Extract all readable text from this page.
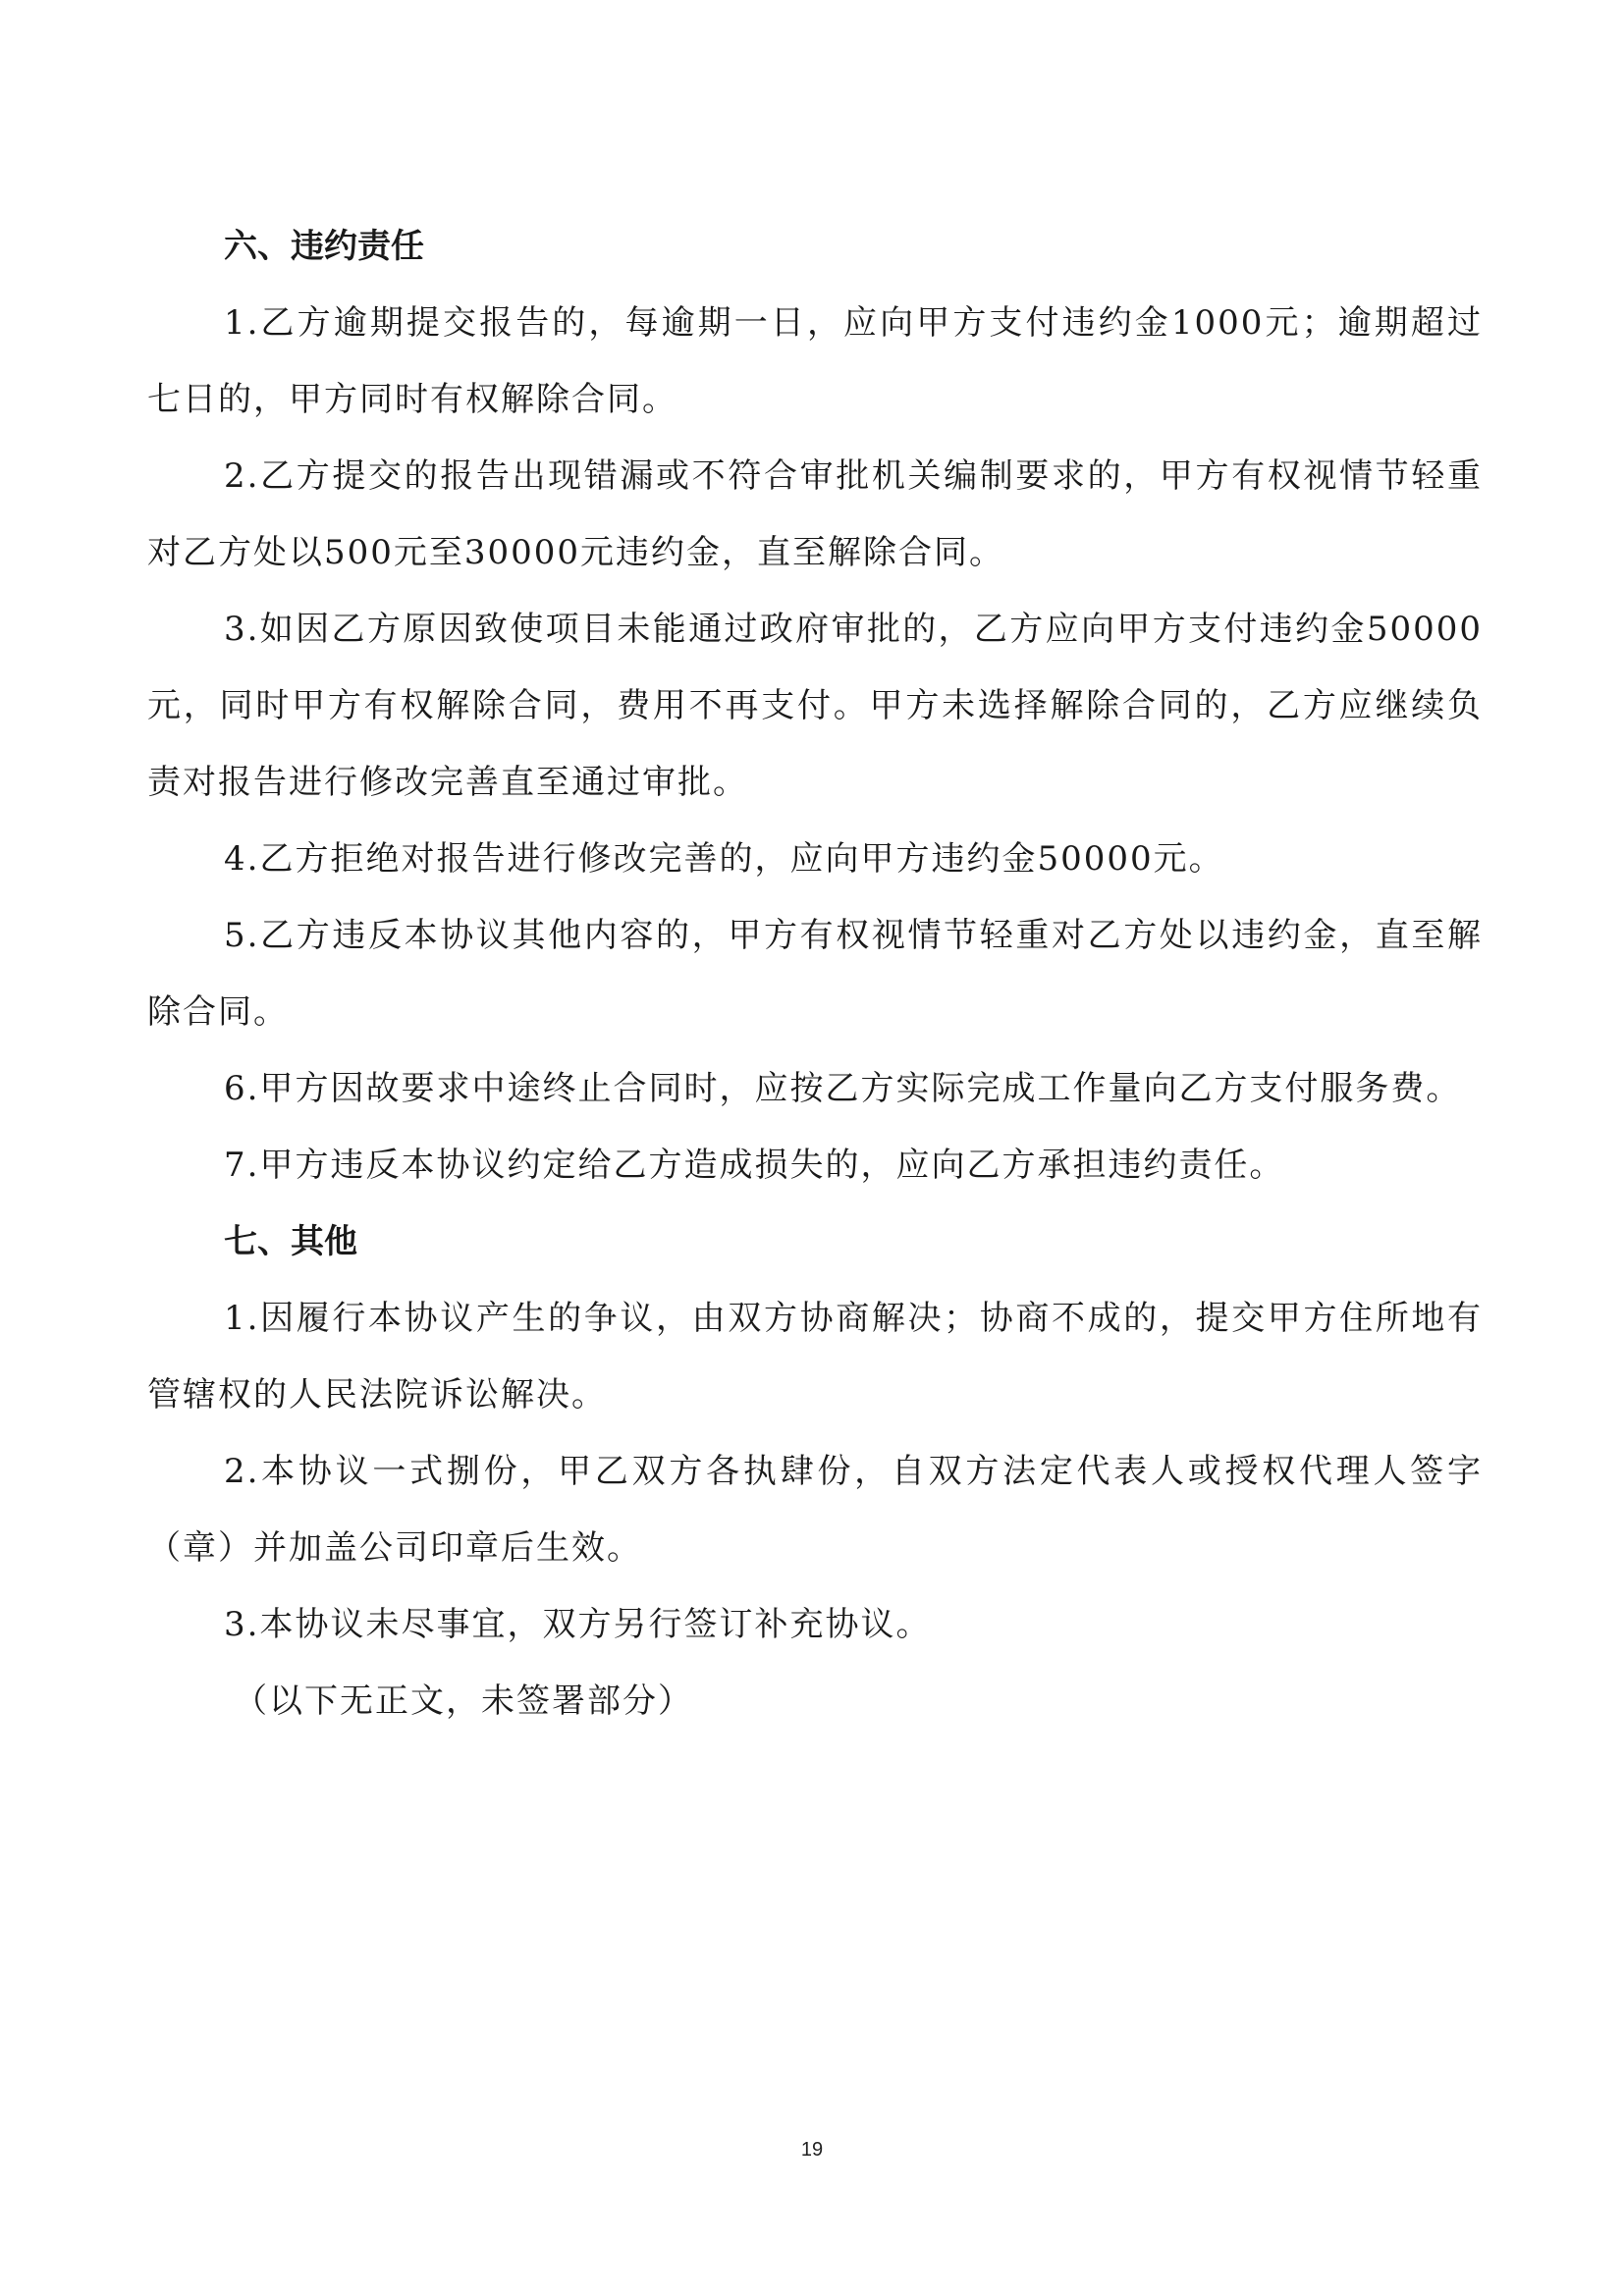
六、违约责任

1.乙方逾期提交报告的，每逾期一日，应向甲方支付违约金1000元；逾期超过七日的，甲方同时有权解除合同。

2.乙方提交的报告出现错漏或不符合审批机关编制要求的，甲方有权视情节轻重对乙方处以500元至30000元违约金，直至解除合同。

3.如因乙方原因致使项目未能通过政府审批的，乙方应向甲方支付违约金50000元，同时甲方有权解除合同，费用不再支付。甲方未选择解除合同的，乙方应继续负责对报告进行修改完善直至通过审批。

4.乙方拒绝对报告进行修改完善的，应向甲方违约金50000元。

5.乙方违反本协议其他内容的，甲方有权视情节轻重对乙方处以违约金，直至解除合同。

6.甲方因故要求中途终止合同时，应按乙方实际完成工作量向乙方支付服务费。

7.甲方违反本协议约定给乙方造成损失的，应向乙方承担违约责任。

七、其他

1.因履行本协议产生的争议，由双方协商解决；协商不成的，提交甲方住所地有管辖权的人民法院诉讼解决。

2.本协议一式捌份，甲乙双方各执肆份，自双方法定代表人或授权代理人签字（章）并加盖公司印章后生效。

3.本协议未尽事宜，双方另行签订补充协议。

（以下无正文，未签署部分）

19
